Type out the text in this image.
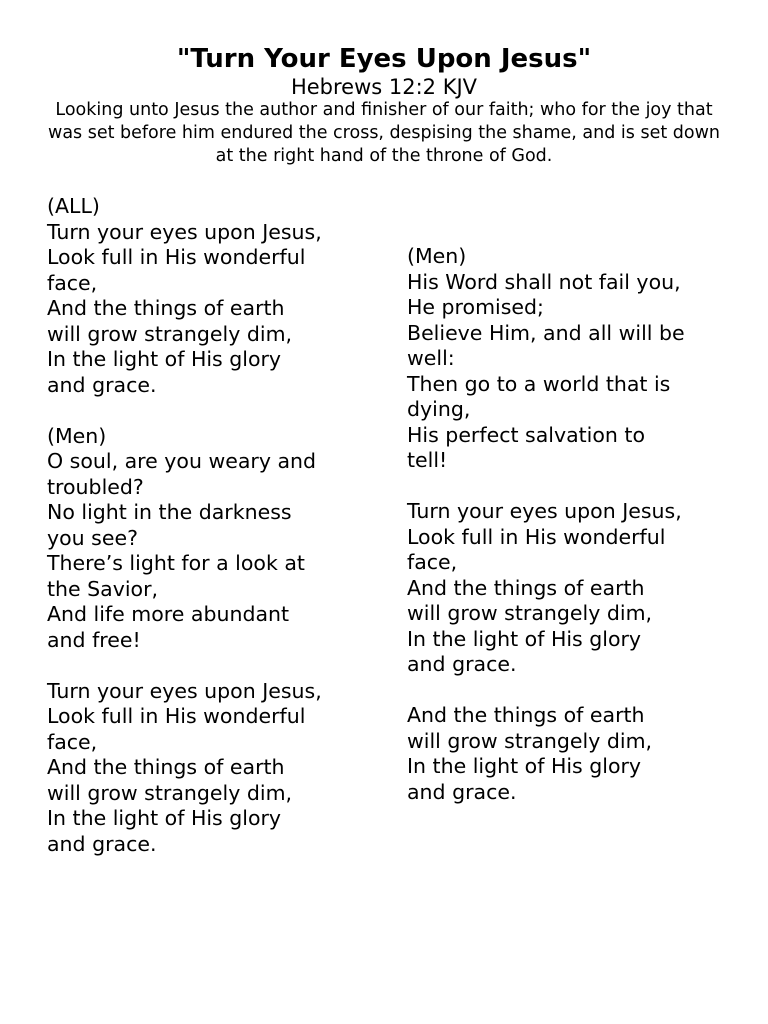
"Turn Your Eyes Upon Jesus"
Hebrews 12:2 KJV
Looking unto Jesus the author and finisher of our faith; who for the joy that was set before him endured the cross, despising the shame, and is set down at the right hand of the throne of God.
(ALL)
Turn your eyes upon Jesus,
Look full in His wonderful
face,
And the things of earth
will grow strangely dim,
In the light of His glory
and grace.
(Men)
O soul, are you weary and
troubled?
No light in the darkness
you see?
There’s light for a look at
the Savior,
And life more abundant
and free!
Turn your eyes upon Jesus,
Look full in His wonderful
face,
And the things of earth
will grow strangely dim,
In the light of His glory
and grace.
(Men)
His Word shall not fail you,
He promised;
Believe Him, and all will be
well:
Then go to a world that is
dying,
His perfect salvation to
tell!
Turn your eyes upon Jesus,
Look full in His wonderful
face,
And the things of earth
will grow strangely dim,
In the light of His glory
and grace.
And the things of earth
will grow strangely dim,
In the light of His glory
and grace.
